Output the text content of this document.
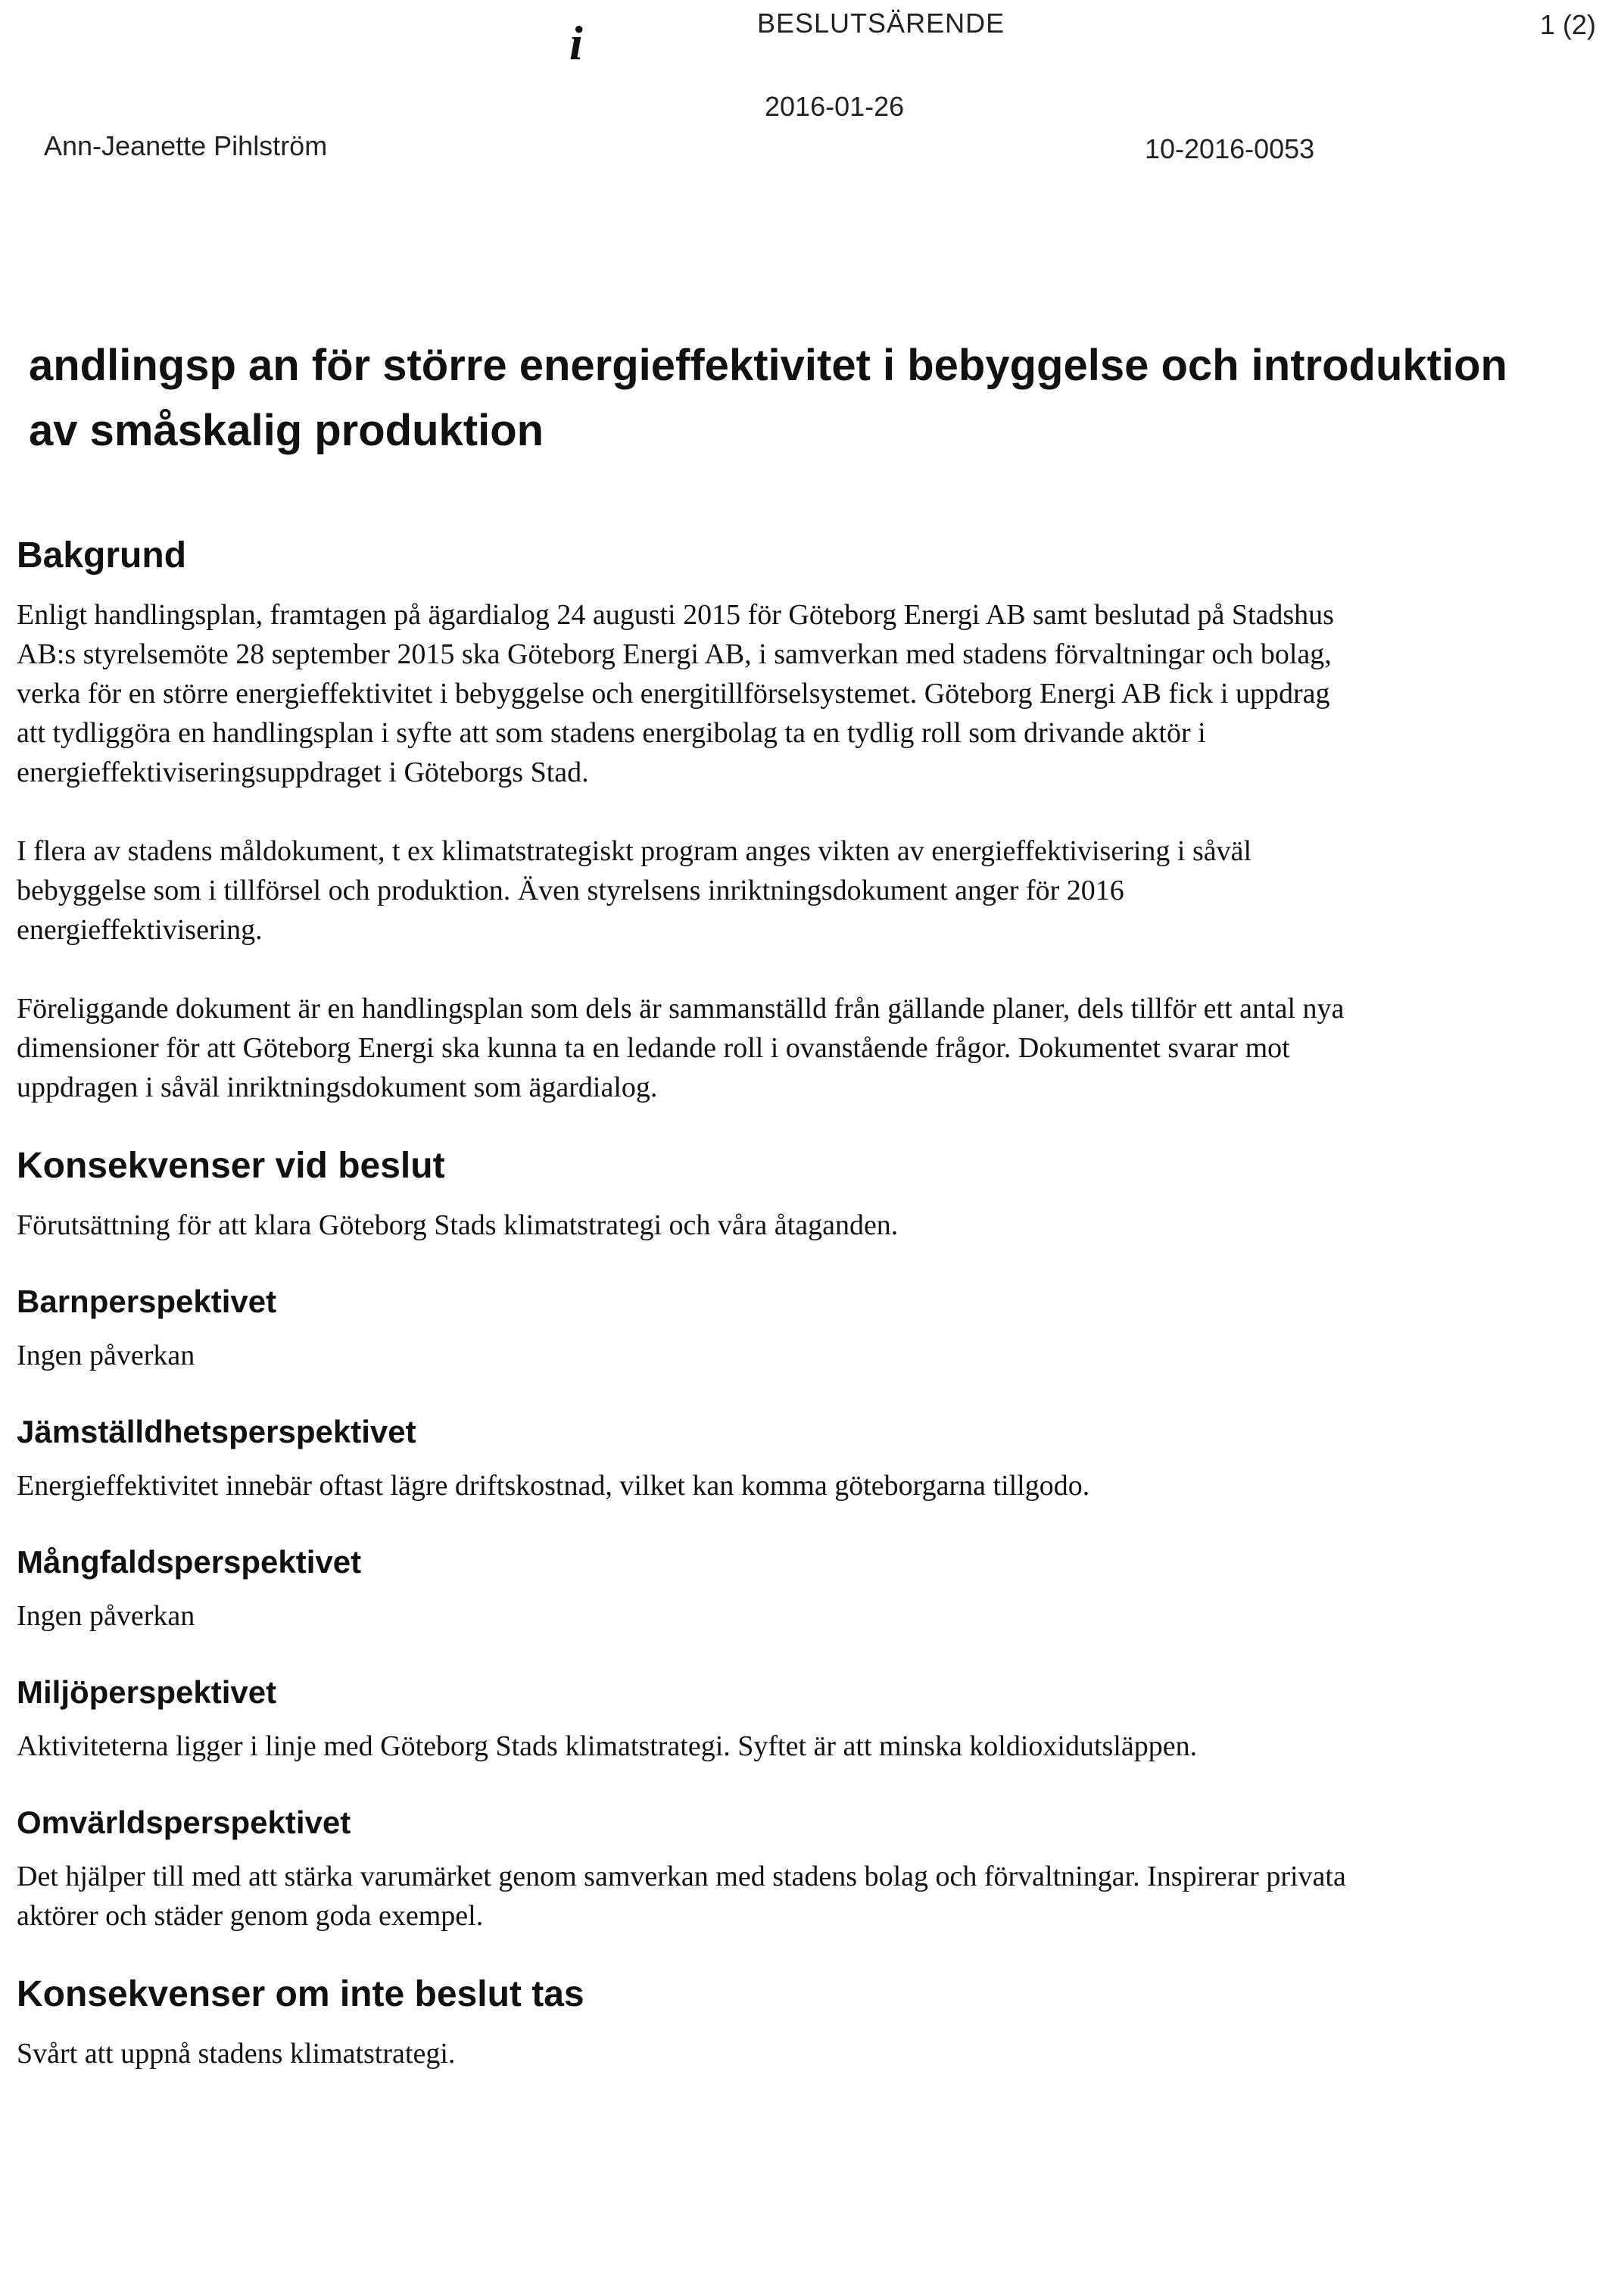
BESLUTSÄRENDE	1 (2)
i
2016-01-26
Ann-Jeanette Pihlström	10-2016-0053
andlingsp an för större energieffektivitet i bebyggelse och introduktion av småskalig produktion
Bakgrund

Enligt handlingsplan, framtagen på ägardialog 24 augusti 2015 för Göteborg Energi AB samt beslutad på Stadshus AB:s styrelsemöte 28 september 2015 ska Göteborg Energi AB, i samverkan med stadens förvaltningar och bolag, verka för en större energieffektivitet i bebyggelse och energitillförselsystemet. Göteborg Energi AB fick i uppdrag att tydliggöra en handlingsplan i syfte att som stadens energibolag ta en tydlig roll som drivande aktör i energieffektiviseringsuppdraget i Göteborgs Stad.

I flera av stadens måldokument, t ex klimatstrategiskt program anges vikten av energieffektivisering i såväl bebyggelse som i tillförsel och produktion. Även styrelsens inriktningsdokument anger för 2016 energieffektivisering.

Föreliggande dokument är en handlingsplan som dels är sammanställd från gällande planer, dels tillför ett antal nya dimensioner för att Göteborg Energi ska kunna ta en ledande roll i ovanstående frågor. Dokumentet svarar mot uppdragen i såväl inriktningsdokument som ägardialog.

Konsekvenser vid beslut

Förutsättning för att klara Göteborg Stads klimatstrategi och våra åtaganden.

Barnperspektivet

Ingen påverkan

Jämställdhetsperspektivet

Energieffektivitet innebär oftast lägre driftskostnad, vilket kan komma göteborgarna tillgodo.

Mångfaldsperspektivet

Ingen påverkan

Miljöperspektivet

Aktiviteterna ligger i linje med Göteborg Stads klimatstrategi. Syftet är att minska koldioxidutsläppen.

Omvärldsperspektivet

Det hjälper till med att stärka varumärket genom samverkan med stadens bolag och förvaltningar. Inspirerar privata aktörer och städer genom goda exempel.

Konsekvenser om inte beslut tas

Svårt att uppnå stadens klimatstrategi.
